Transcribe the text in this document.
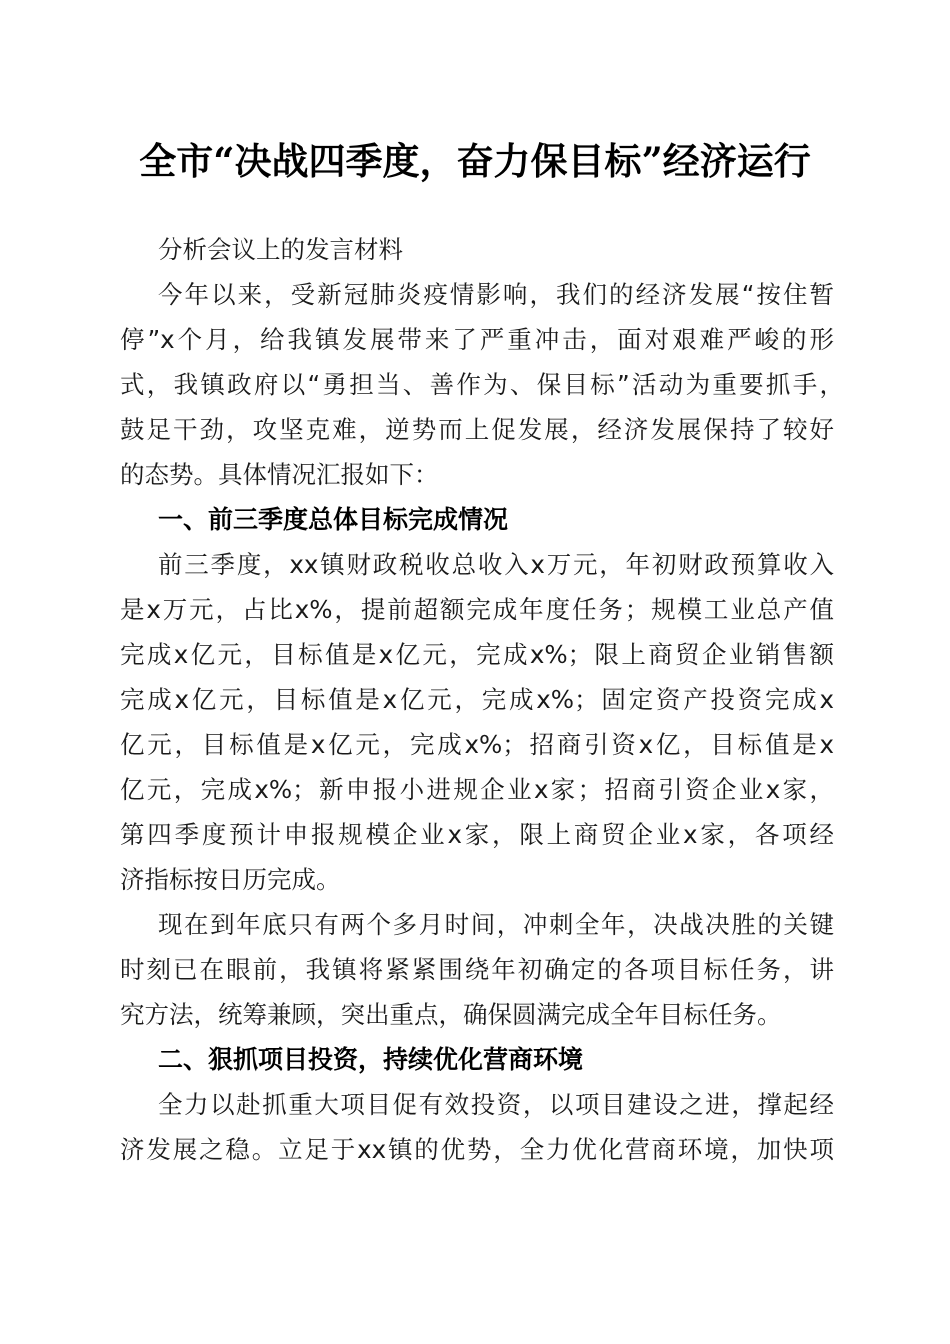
全市“决战四季度，奋力保目标”经济运行
分析会议上的发言材料
今年以来，受新冠肺炎疫情影响，我们的经济发展“按住暂
停”x个月，给我镇发展带来了严重冲击，面对艰难严峻的形
式，我镇政府以“勇担当、善作为、保目标”活动为重要抓手，
鼓足干劲，攻坚克难，逆势而上促发展，经济发展保持了较好
的态势。具体情况汇报如下：
一、前三季度总体目标完成情况
前三季度，xx镇财政税收总收入x万元，年初财政预算收入
是x万元，占比x%，提前超额完成年度任务；规模工业总产值
完成x亿元，目标值是x亿元，完成x%；限上商贸企业销售额
完成x亿元，目标值是x亿元，完成x%；固定资产投资完成x
亿元，目标值是x亿元，完成x%；招商引资x亿，目标值是x
亿元，完成x%；新申报小进规企业x家；招商引资企业x家，
第四季度预计申报规模企业x家，限上商贸企业x家，各项经
济指标按日历完成。
现在到年底只有两个多月时间，冲刺全年，决战决胜的关键
时刻已在眼前，我镇将紧紧围绕年初确定的各项目标任务，讲
究方法，统筹兼顾，突出重点，确保圆满完成全年目标任务。
二、狠抓项目投资，持续优化营商环境
全力以赴抓重大项目促有效投资，以项目建设之进，撑起经
济发展之稳。立足于xx镇的优势，全力优化营商环境，加快项
